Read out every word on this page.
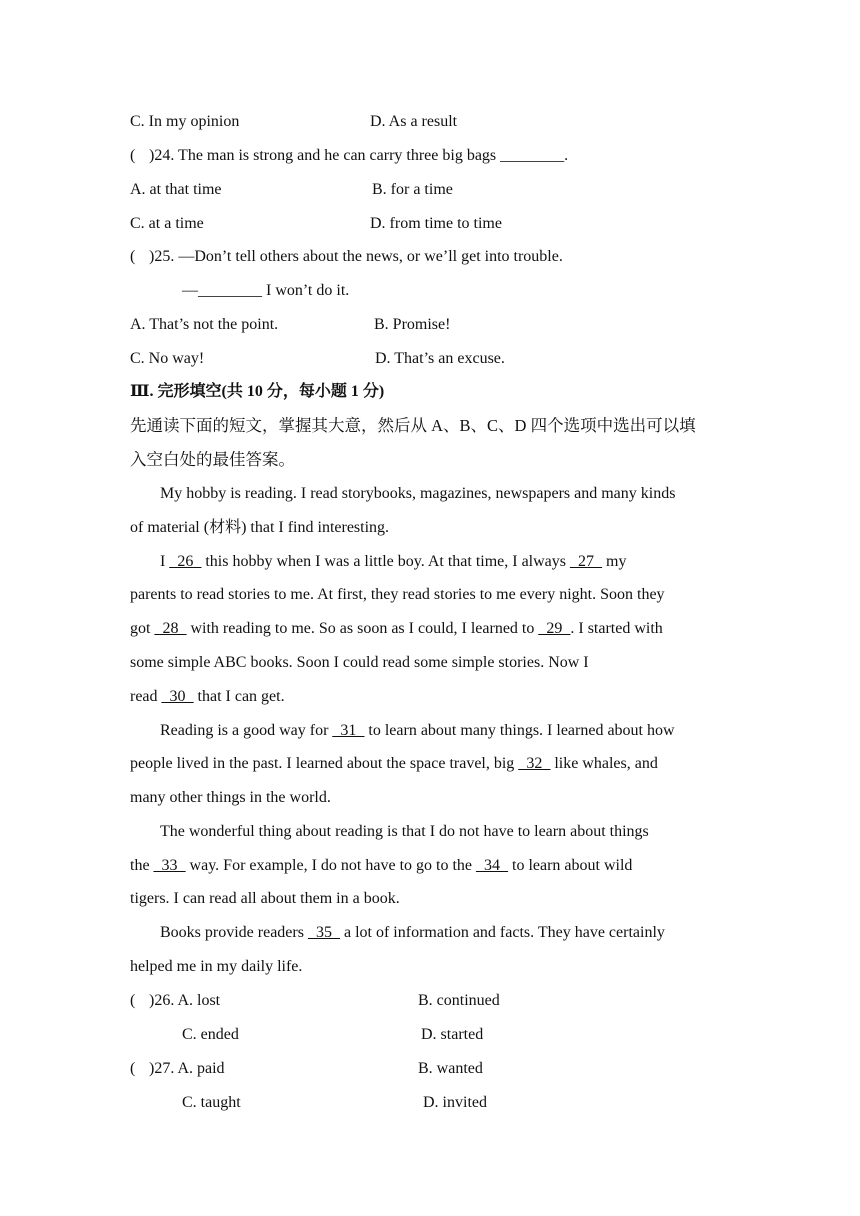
C. In my opinion	D. As a result
( )24. The man is strong and he can carry three big bags ________.
A. at that time	B. for a time
C. at a time	D. from time to time
( )25. —Don’t tell others about the news, or we’ll get into trouble.
—________ I won’t do it.
A. That’s not the point.	B. Promise!
C. No way!	D. That’s an excuse.
Ⅲ. 完形填空(共 10 分，每小题 1 分)
先通读下面的短文，掌握其大意，然后从 A、B、C、D 四个选项中选出可以填
入空白处的最佳答案。
My hobby is reading. I read storybooks, magazines, newspapers and many kinds
of material (材料) that I find interesting.
I _26_ this hobby when I was a little boy. At that time, I always _27_ my
parents to read stories to me. At first, they read stories to me every night. Soon they
got _28_ with reading to me. So as soon as I could, I learned to _29_. I started with
some simple ABC books. Soon I could read some simple stories. Now I
read _30_ that I can get.
Reading is a good way for _31_ to learn about many things. I learned about how
people lived in the past. I learned about the space travel, big _32_ like whales, and
many other things in the world.
The wonderful thing about reading is that I do not have to learn about things
the _33_ way. For example, I do not have to go to the _34_ to learn about wild
tigers. I can read all about them in a book.
Books provide readers _35_ a lot of information and facts. They have certainly
helped me in my daily life.
( )26. A. lost	B. continued
C. ended	D. started
( )27. A. paid	B. wanted
C. taught	D. invited
